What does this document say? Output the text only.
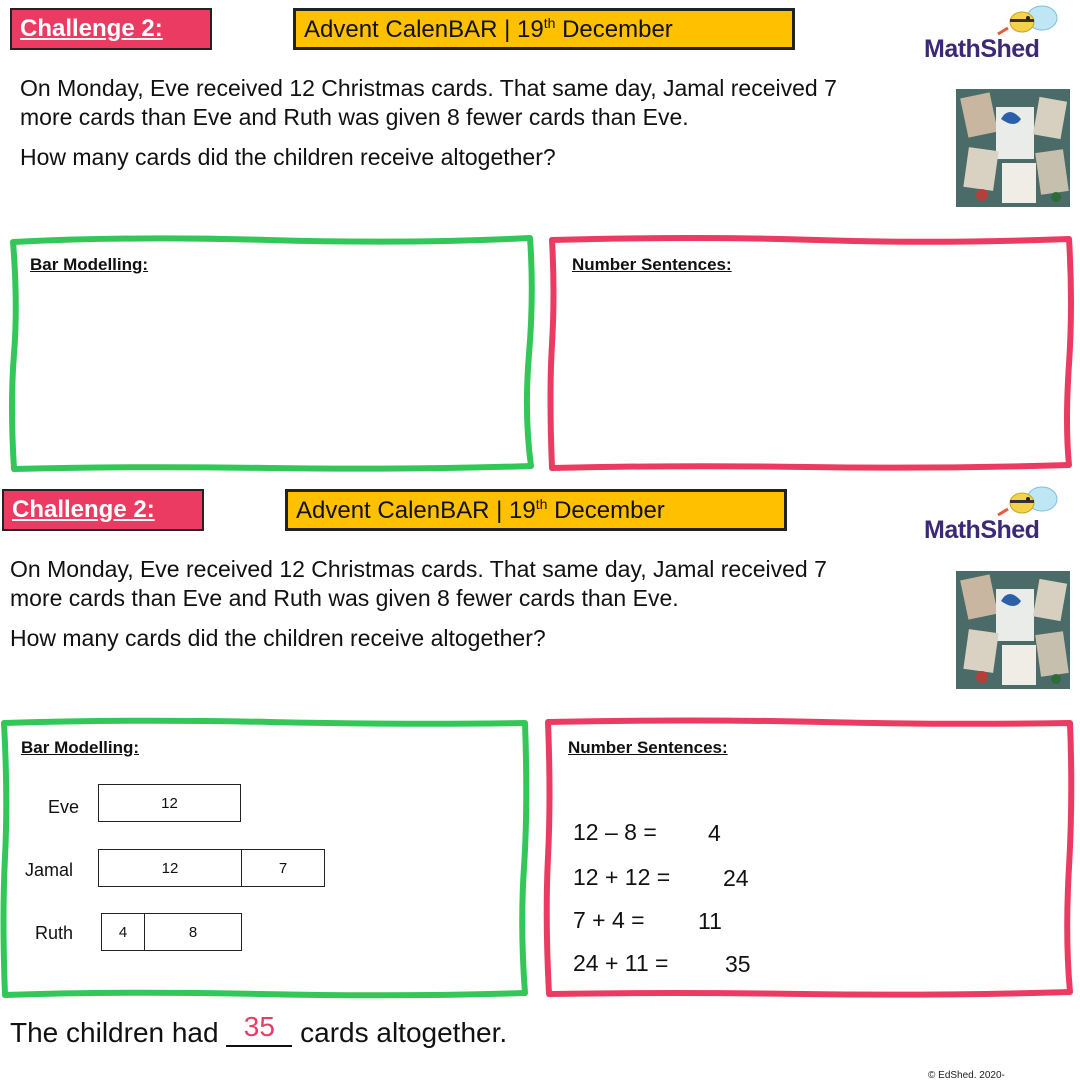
Challenge 2:	Advent CalenBAR | 19th December
MathShed
On Monday, Eve received 12 Christmas cards. That same day, Jamal received 7
more cards than Eve and Ruth was given 8 fewer cards than Eve.
How many cards did the children receive altogether?
Bar Modelling:	Number Sentences:
Challenge 2:	Advent CalenBAR | 19th December
MathShed
On Monday, Eve received 12 Christmas cards. That same day, Jamal received 7
more cards than Eve and Ruth was given 8 fewer cards than Eve.
How many cards did the children receive altogether?
Bar Modelling:
Eve	12
Jamal	12	7
Ruth	4	8
Number Sentences:
12 – 8 = 4
12 + 12 = 24
7 + 4 = 11
24 + 11 = 35
The children had 35 cards altogether.
© EdShed. 2020-
